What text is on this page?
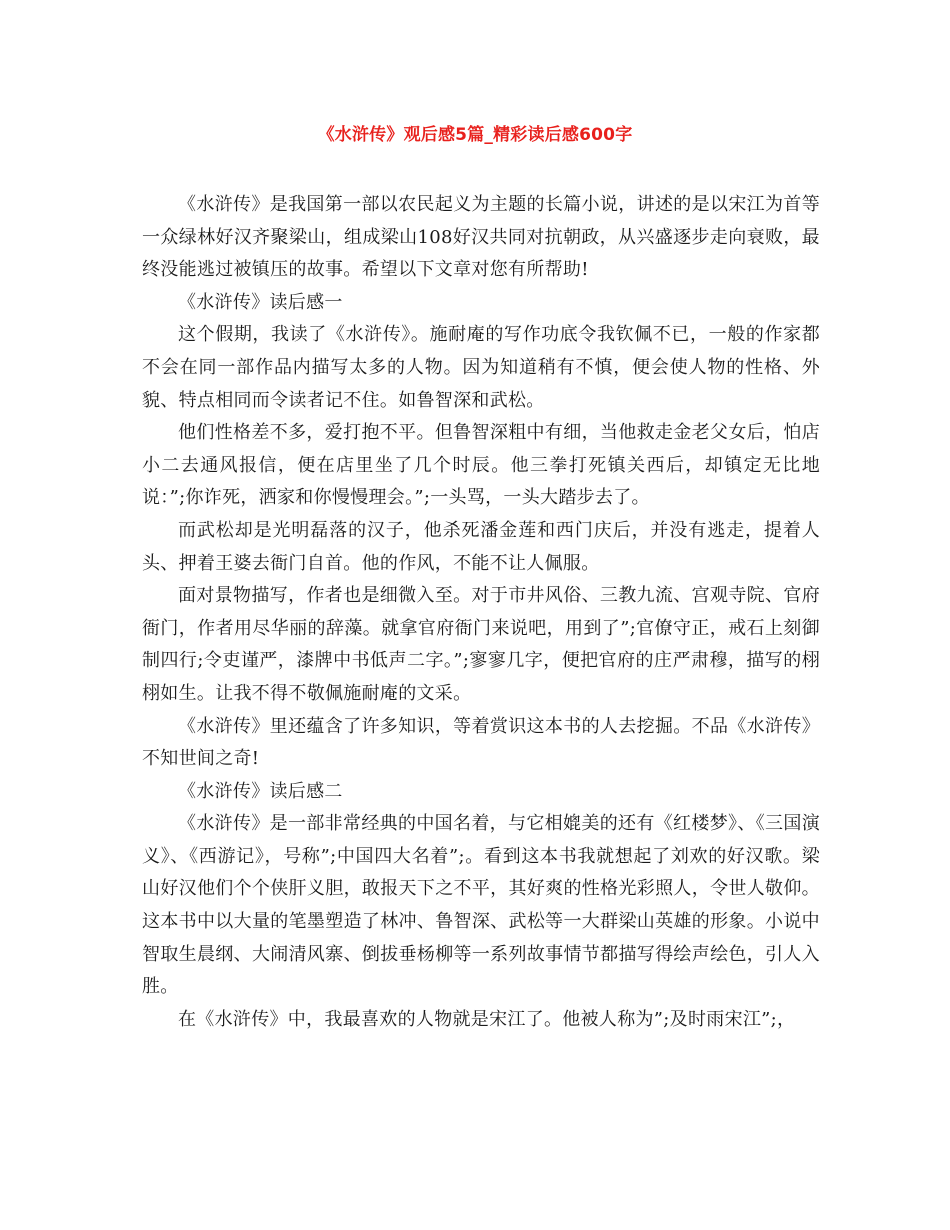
《水浒传》观后感5篇_精彩读后感600字

《水浒传》是我国第一部以农民起义为主题的长篇小说，讲述的是以宋江为首等一众绿林好汉齐聚梁山，组成梁山108好汉共同对抗朝政，从兴盛逐步走向衰败，最终没能逃过被镇压的故事。希望以下文章对您有所帮助!

《水浒传》读后感一

这个假期，我读了《水浒传》。施耐庵的写作功底令我钦佩不已，一般的作家都不会在同一部作品内描写太多的人物。因为知道稍有不慎，便会使人物的性格、外貌、特点相同而令读者记不住。如鲁智深和武松。

他们性格差不多，爱打抱不平。但鲁智深粗中有细，当他救走金老父女后，怕店小二去通风报信，便在店里坐了几个时辰。他三拳打死镇关西后，却镇定无比地说：”;你诈死，洒家和你慢慢理会。”;一头骂，一头大踏步去了。

而武松却是光明磊落的汉子，他杀死潘金莲和西门庆后，并没有逃走，提着人头、押着王婆去衙门自首。他的作风，不能不让人佩服。

面对景物描写，作者也是细微入至。对于市井风俗、三教九流、宫观寺院、官府衙门，作者用尽华丽的辞藻。就拿官府衙门来说吧，用到了”;官僚守正，戒石上刻御制四行;令吏谨严，漆牌中书低声二字。”;寥寥几字，便把官府的庄严肃穆，描写的栩栩如生。让我不得不敬佩施耐庵的文采。

《水浒传》里还蕴含了许多知识，等着赏识这本书的人去挖掘。不品《水浒传》不知世间之奇!

《水浒传》读后感二

《水浒传》是一部非常经典的中国名着，与它相媲美的还有《红楼梦》、《三国演义》、《西游记》，号称”;中国四大名着”;。看到这本书我就想起了刘欢的好汉歌。梁山好汉他们个个侠肝义胆，敢报天下之不平，其好爽的性格光彩照人，令世人敬仰。这本书中以大量的笔墨塑造了林冲、鲁智深、武松等一大群梁山英雄的形象。小说中智取生晨纲、大闹清风寨、倒拔垂杨柳等一系列故事情节都描写得绘声绘色，引人入胜。

在《水浒传》中，我最喜欢的人物就是宋江了。他被人称为”;及时雨宋江”;，
